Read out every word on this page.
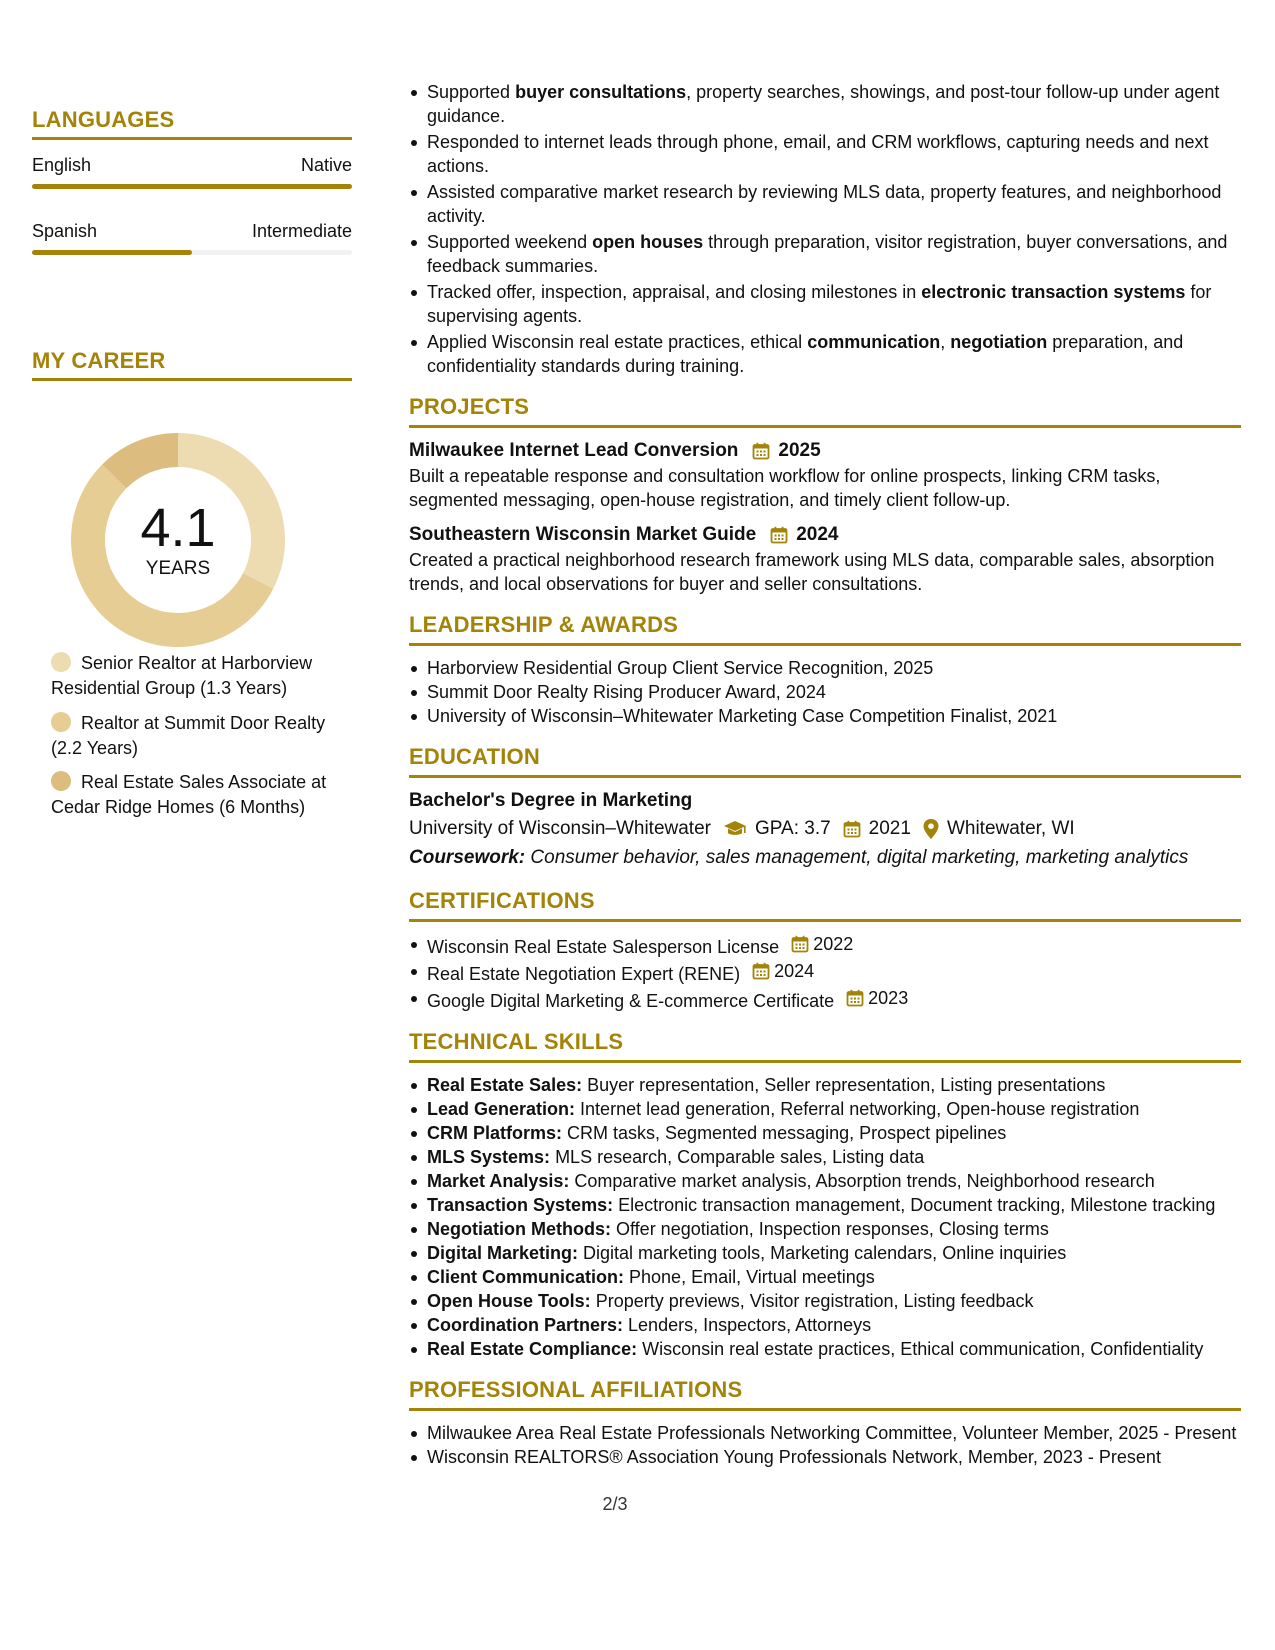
LANGUAGES
English	Native
Spanish	Intermediate
MY CAREER
4.1
YEARS
Senior Realtor at Harborview Residential Group (1.3 Years)
Realtor at Summit Door Realty (2.2 Years)
Real Estate Sales Associate at Cedar Ridge Homes (6 Months)
Supported buyer consultations, property searches, showings, and post-tour follow-up under agent guidance.
Responded to internet leads through phone, email, and CRM workflows, capturing needs and next actions.
Assisted comparative market research by reviewing MLS data, property features, and neighborhood activity.
Supported weekend open houses through preparation, visitor registration, buyer conversations, and feedback summaries.
Tracked offer, inspection, appraisal, and closing milestones in electronic transaction systems for supervising agents.
Applied Wisconsin real estate practices, ethical communication, negotiation preparation, and confidentiality standards during training.
PROJECTS
Milwaukee Internet Lead Conversion 2025
Built a repeatable response and consultation workflow for online prospects, linking CRM tasks, segmented messaging, open-house registration, and timely client follow-up.
Southeastern Wisconsin Market Guide 2024
Created a practical neighborhood research framework using MLS data, comparable sales, absorption trends, and local observations for buyer and seller consultations.
LEADERSHIP & AWARDS
Harborview Residential Group Client Service Recognition, 2025
Summit Door Realty Rising Producer Award, 2024
University of Wisconsin–Whitewater Marketing Case Competition Finalist, 2021
EDUCATION
Bachelor's Degree in Marketing
University of Wisconsin–Whitewater GPA: 3.7 2021 Whitewater, WI
Coursework: Consumer behavior, sales management, digital marketing, marketing analytics
CERTIFICATIONS
Wisconsin Real Estate Salesperson License 2022
Real Estate Negotiation Expert (RENE) 2024
Google Digital Marketing & E-commerce Certificate 2023
TECHNICAL SKILLS
Real Estate Sales: Buyer representation, Seller representation, Listing presentations
Lead Generation: Internet lead generation, Referral networking, Open-house registration
CRM Platforms: CRM tasks, Segmented messaging, Prospect pipelines
MLS Systems: MLS research, Comparable sales, Listing data
Market Analysis: Comparative market analysis, Absorption trends, Neighborhood research
Transaction Systems: Electronic transaction management, Document tracking, Milestone tracking
Negotiation Methods: Offer negotiation, Inspection responses, Closing terms
Digital Marketing: Digital marketing tools, Marketing calendars, Online inquiries
Client Communication: Phone, Email, Virtual meetings
Open House Tools: Property previews, Visitor registration, Listing feedback
Coordination Partners: Lenders, Inspectors, Attorneys
Real Estate Compliance: Wisconsin real estate practices, Ethical communication, Confidentiality
PROFESSIONAL AFFILIATIONS
Milwaukee Area Real Estate Professionals Networking Committee, Volunteer Member, 2025 - Present
Wisconsin REALTORS® Association Young Professionals Network, Member, 2023 - Present
2/3
